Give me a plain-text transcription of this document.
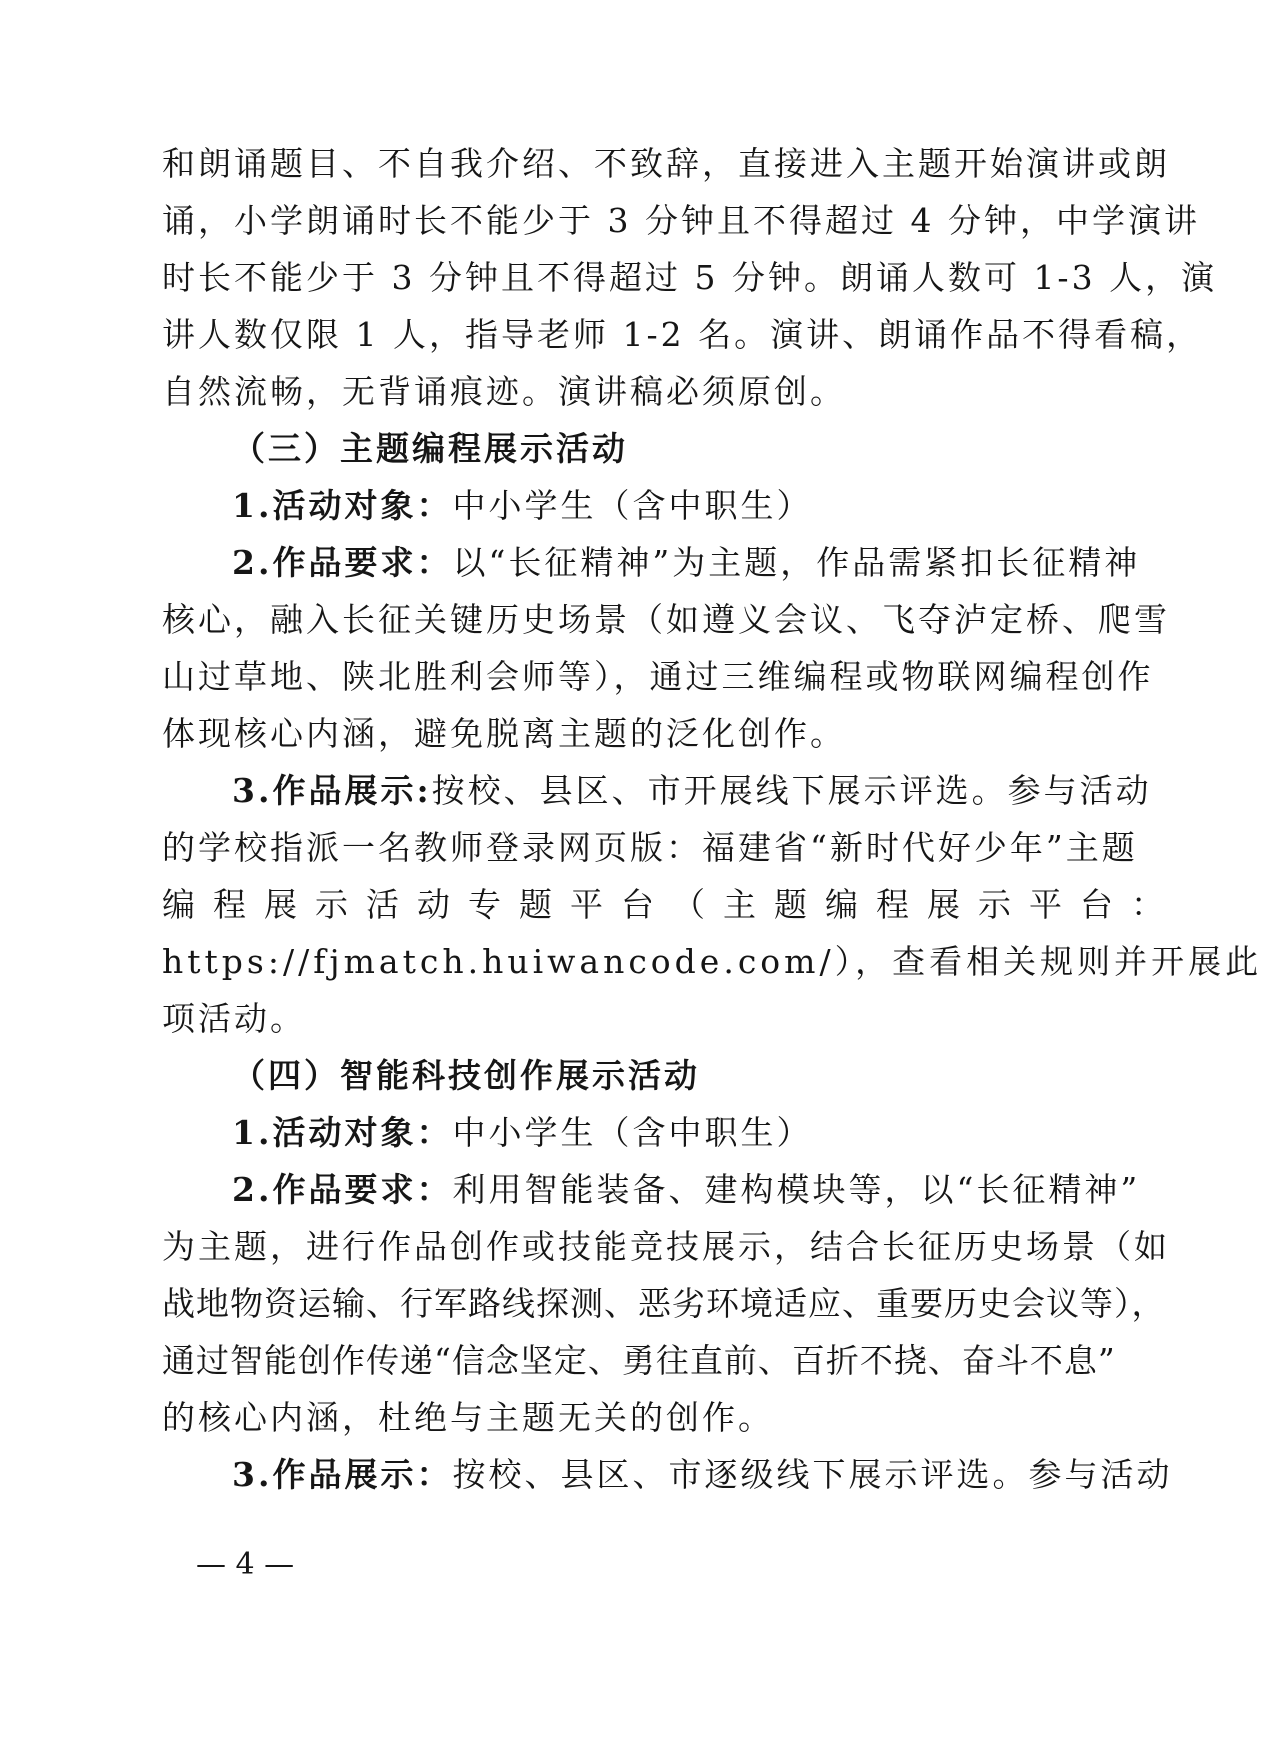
和朗诵题目、不自我介绍、不致辞，直接进入主题开始演讲或朗
诵，小学朗诵时长不能少于 3 分钟且不得超过 4 分钟，中学演讲
时长不能少于 3 分钟且不得超过 5 分钟。朗诵人数可 1-3 人，演
讲人数仅限 1 人，指导老师 1-2 名。演讲、朗诵作品不得看稿，
自然流畅，无背诵痕迹。演讲稿必须原创。
（三）主题编程展示活动
1.活动对象：中小学生（含中职生）
2.作品要求：以“长征精神”为主题，作品需紧扣长征精神
核心，融入长征关键历史场景（如遵义会议、飞夺泸定桥、爬雪
山过草地、陕北胜利会师等），通过三维编程或物联网编程创作
体现核心内涵，避免脱离主题的泛化创作。
3.作品展示:按校、县区、市开展线下展示评选。参与活动
的学校指派一名教师登录网页版：福建省“新时代好少年”主题
编程展示活动专题平台（主题编程展示平台：
https://fjmatch.huiwancode.com/），查看相关规则并开展此
项活动。
（四）智能科技创作展示活动
1.活动对象：中小学生（含中职生）
2.作品要求：利用智能装备、建构模块等，以“长征精神”
为主题，进行作品创作或技能竞技展示，结合长征历史场景（如
战地物资运输、行军路线探测、恶劣环境适应、重要历史会议等），
通过智能创作传递“信念坚定、勇往直前、百折不挠、奋斗不息”
的核心内涵，杜绝与主题无关的创作。
3.作品展示：按校、县区、市逐级线下展示评选。参与活动
— 4 —
